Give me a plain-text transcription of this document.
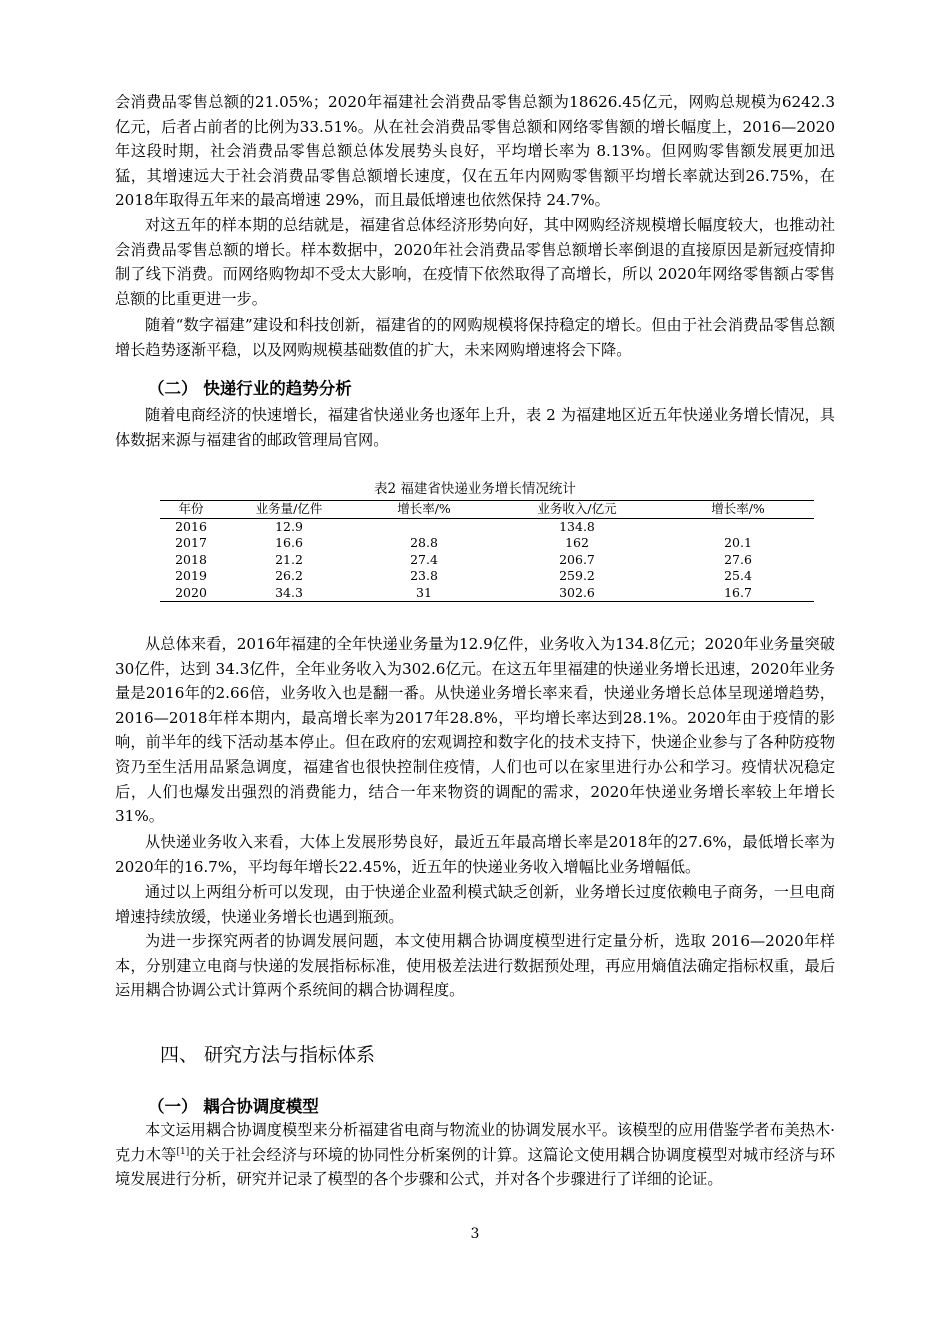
会消费品零售总额的21.05%；2020年福建社会消费品零售总额为18626.45亿元，网购总规模为6242.3亿元，后者占前者的比例为33.51%。从在社会消费品零售总额和网络零售额的增长幅度上，2016—2020年这段时期，社会消费品零售总额总体发展势头良好，平均增长率为 8.13%。但网购零售额发展更加迅猛，其增速远大于社会消费品零售总额增长速度，仅在五年内网购零售额平均增长率就达到26.75%，在2018年取得五年来的最高增速 29%，而且最低增速也依然保持 24.7%。

对这五年的样本期的总结就是，福建省总体经济形势向好，其中网购经济规模增长幅度较大，也推动社会消费品零售总额的增长。样本数据中，2020年社会消费品零售总额增长率倒退的直接原因是新冠疫情抑制了线下消费。而网络购物却不受太大影响，在疫情下依然取得了高增长，所以 2020年网络零售额占零售总额的比重更进一步。

随着“数字福建”建设和科技创新，福建省的的网购规模将保持稳定的增长。但由于社会消费品零售总额增长趋势逐渐平稳，以及网购规模基础数值的扩大，未来网购增速将会下降。

（二） 快递行业的趋势分析

随着电商经济的快速增长，福建省快递业务也逐年上升，表 2 为福建地区近五年快递业务增长情况，具体数据来源与福建省的邮政管理局官网。

表2 福建省快递业务增长情况统计
年份	业务量/亿件	增长率/%	业务收入/亿元	增长率/%
2016	12.9		134.8	
2017	16.6	28.8	162	20.1
2018	21.2	27.4	206.7	27.6
2019	26.2	23.8	259.2	25.4
2020	34.3	31	302.6	16.7

从总体来看，2016年福建的全年快递业务量为12.9亿件，业务收入为134.8亿元；2020年业务量突破30亿件，达到 34.3亿件，全年业务收入为302.6亿元。在这五年里福建的快递业务增长迅速，2020年业务量是2016年的2.66倍，业务收入也是翻一番。从快递业务增长率来看，快递业务增长总体呈现递增趋势，2016—2018年样本期内，最高增长率为2017年28.8%，平均增长率达到28.1%。2020年由于疫情的影响，前半年的线下活动基本停止。但在政府的宏观调控和数字化的技术支持下，快递企业参与了各种防疫物资乃至生活用品紧急调度，福建省也很快控制住疫情，人们也可以在家里进行办公和学习。疫情状况稳定后，人们也爆发出强烈的消费能力，结合一年来物资的调配的需求，2020年快递业务增长率较上年增长31%。

从快递业务收入来看，大体上发展形势良好，最近五年最高增长率是2018年的27.6%，最低增长率为2020年的16.7%，平均每年增长22.45%，近五年的快递业务收入增幅比业务增幅低。

通过以上两组分析可以发现，由于快递企业盈利模式缺乏创新，业务增长过度依赖电子商务，一旦电商增速持续放缓，快递业务增长也遇到瓶颈。

为进一步探究两者的协调发展问题，本文使用耦合协调度模型进行定量分析，选取 2016—2020年样本，分别建立电商与快递的发展指标标准，使用极差法进行数据预处理，再应用熵值法确定指标权重，最后运用耦合协调公式计算两个系统间的耦合协调程度。

四、 研究方法与指标体系
（一） 耦合协调度模型

本文运用耦合协调度模型来分析福建省电商与物流业的协调发展水平。该模型的应用借鉴学者布美热木·克力木等[1]的关于社会经济与环境的协同性分析案例的计算。这篇论文使用耦合协调度模型对城市经济与环境发展进行分析，研究并记录了模型的各个步骤和公式，并对各个步骤进行了详细的论证。

3
